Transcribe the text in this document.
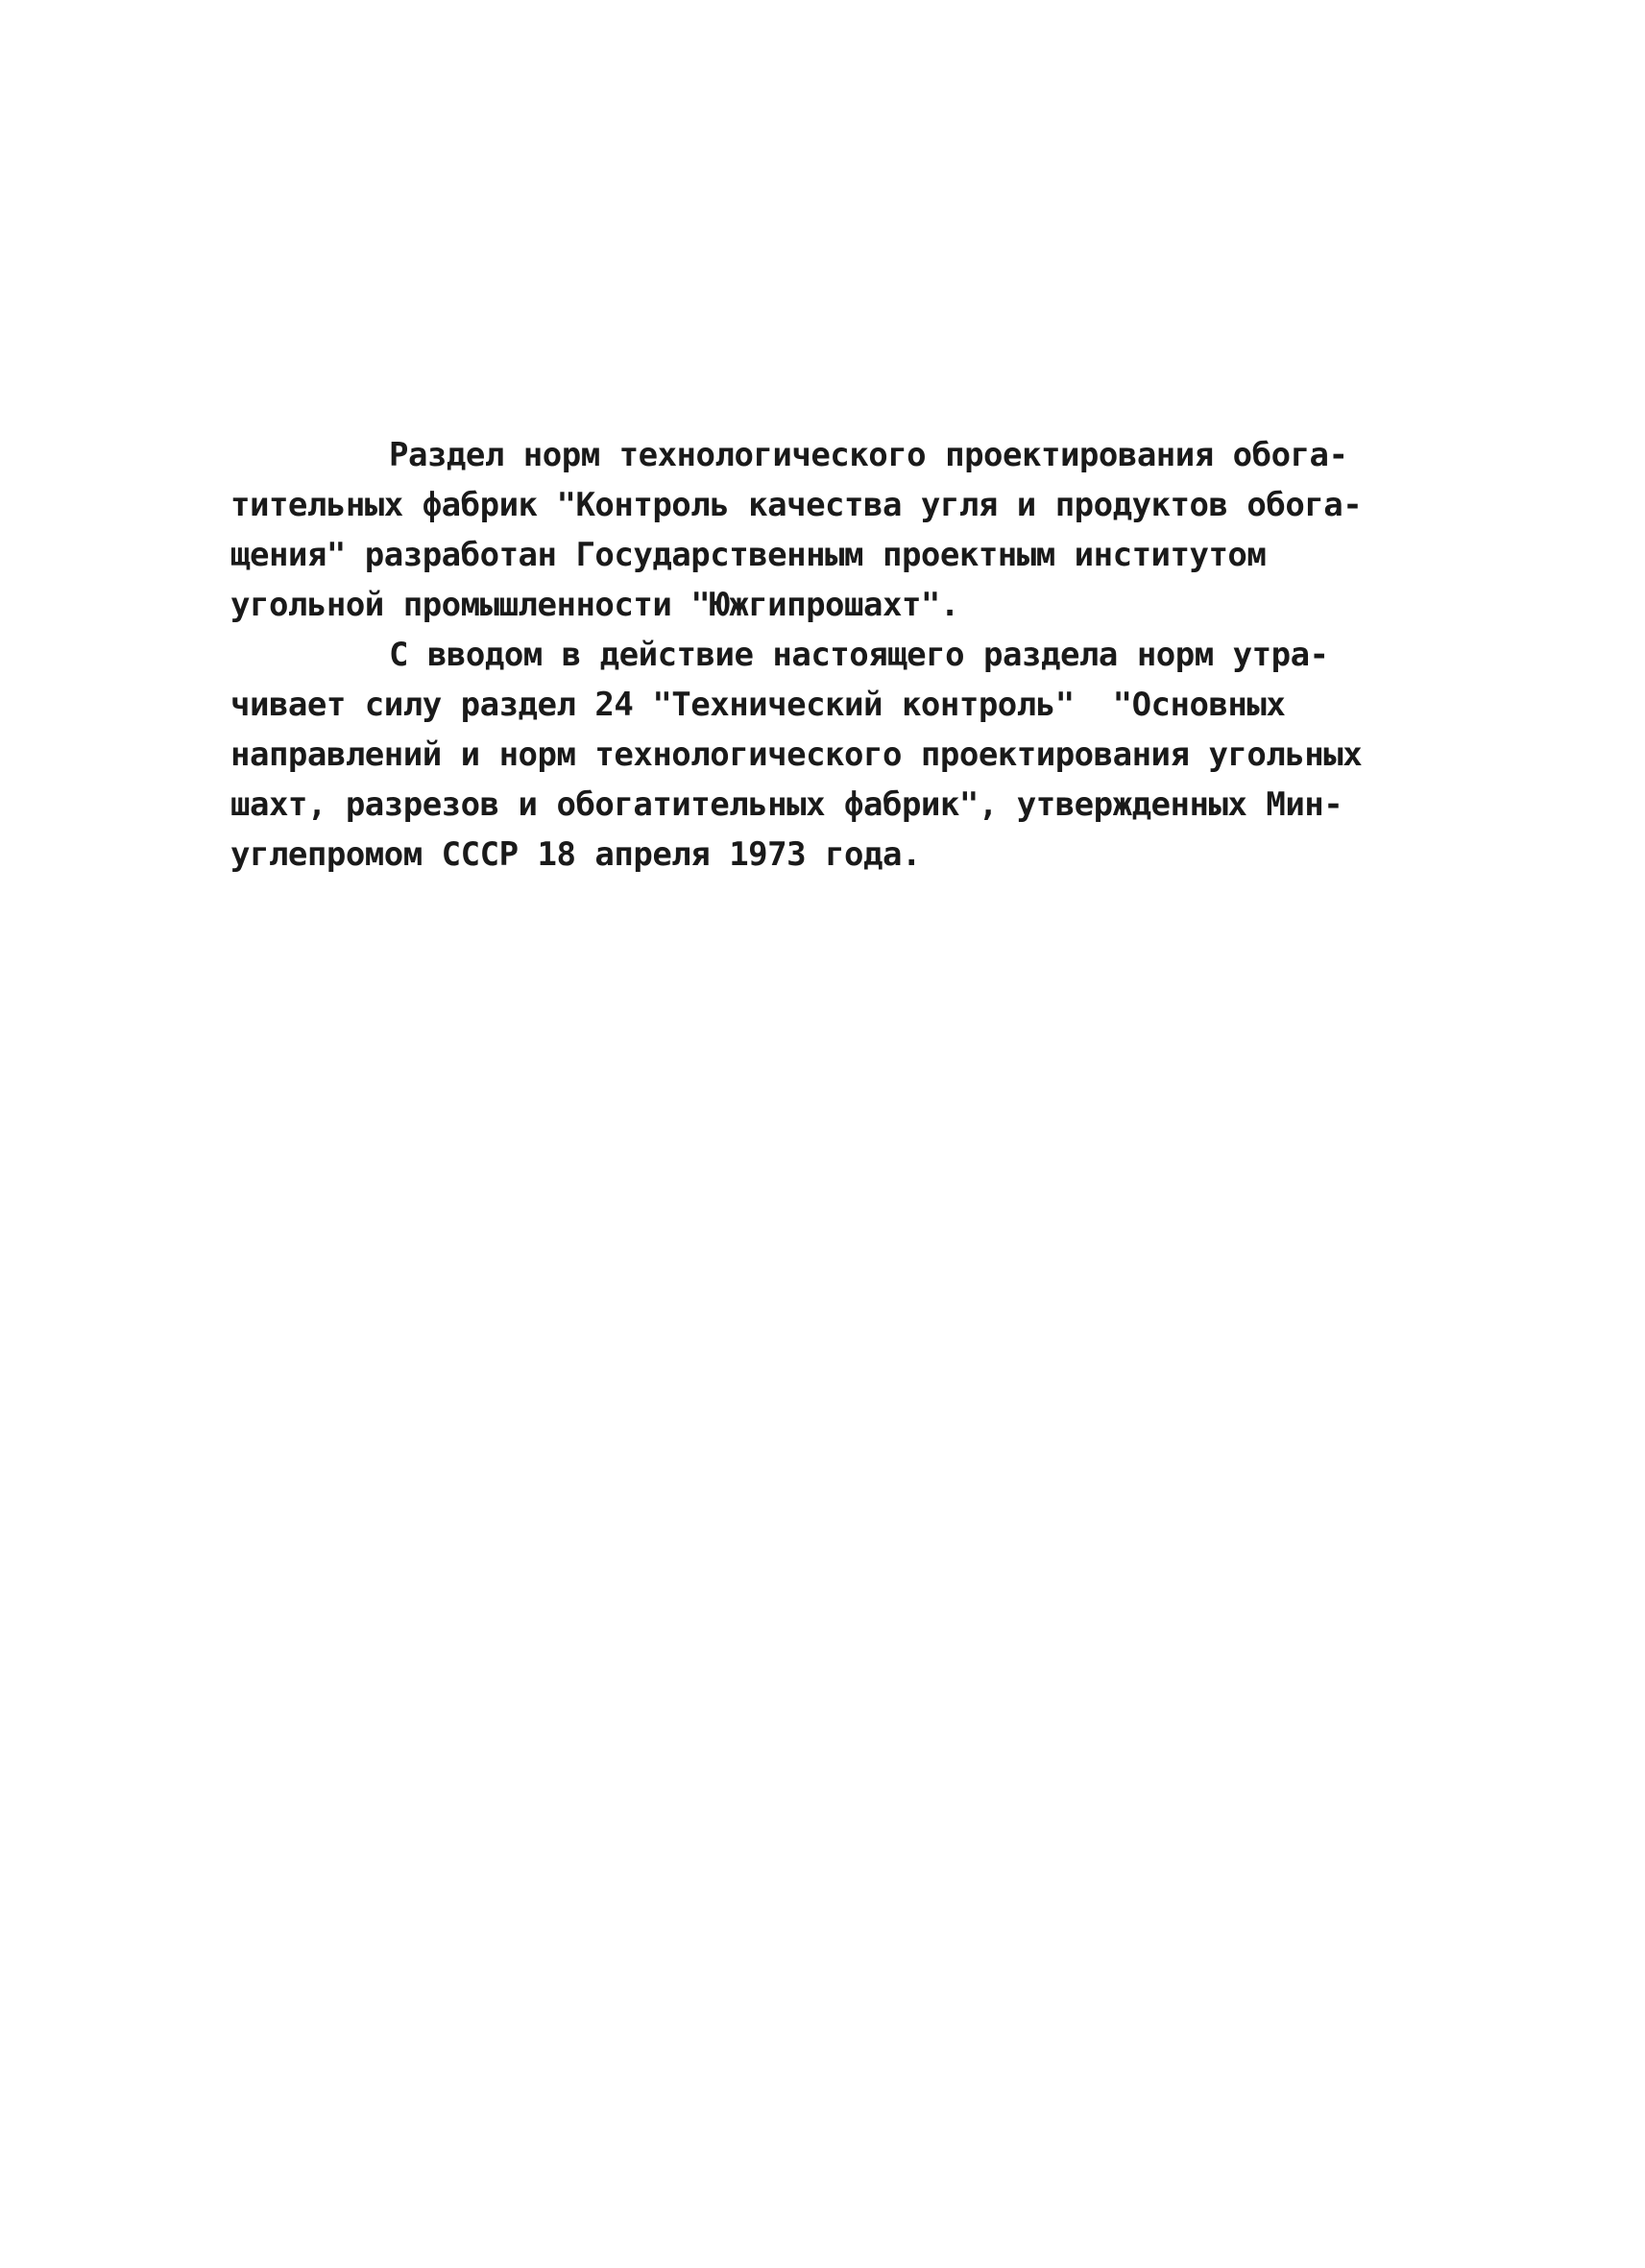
Раздел норм технологического проектирования обога-
тительных фабрик "Контроль качества угля и продуктов обога-
щения" разработан Государственным проектным институтом
угольной промышленности "Южгипрошахт".
С вводом в действие настоящего раздела норм утра-
чивает силу раздел 24 "Технический контроль"  "Основных
направлений и норм технологического проектирования угольных
шахт, разрезов и обогатительных фабрик", утвержденных Мин-
углепромом СССР 18 апреля 1973 года.
